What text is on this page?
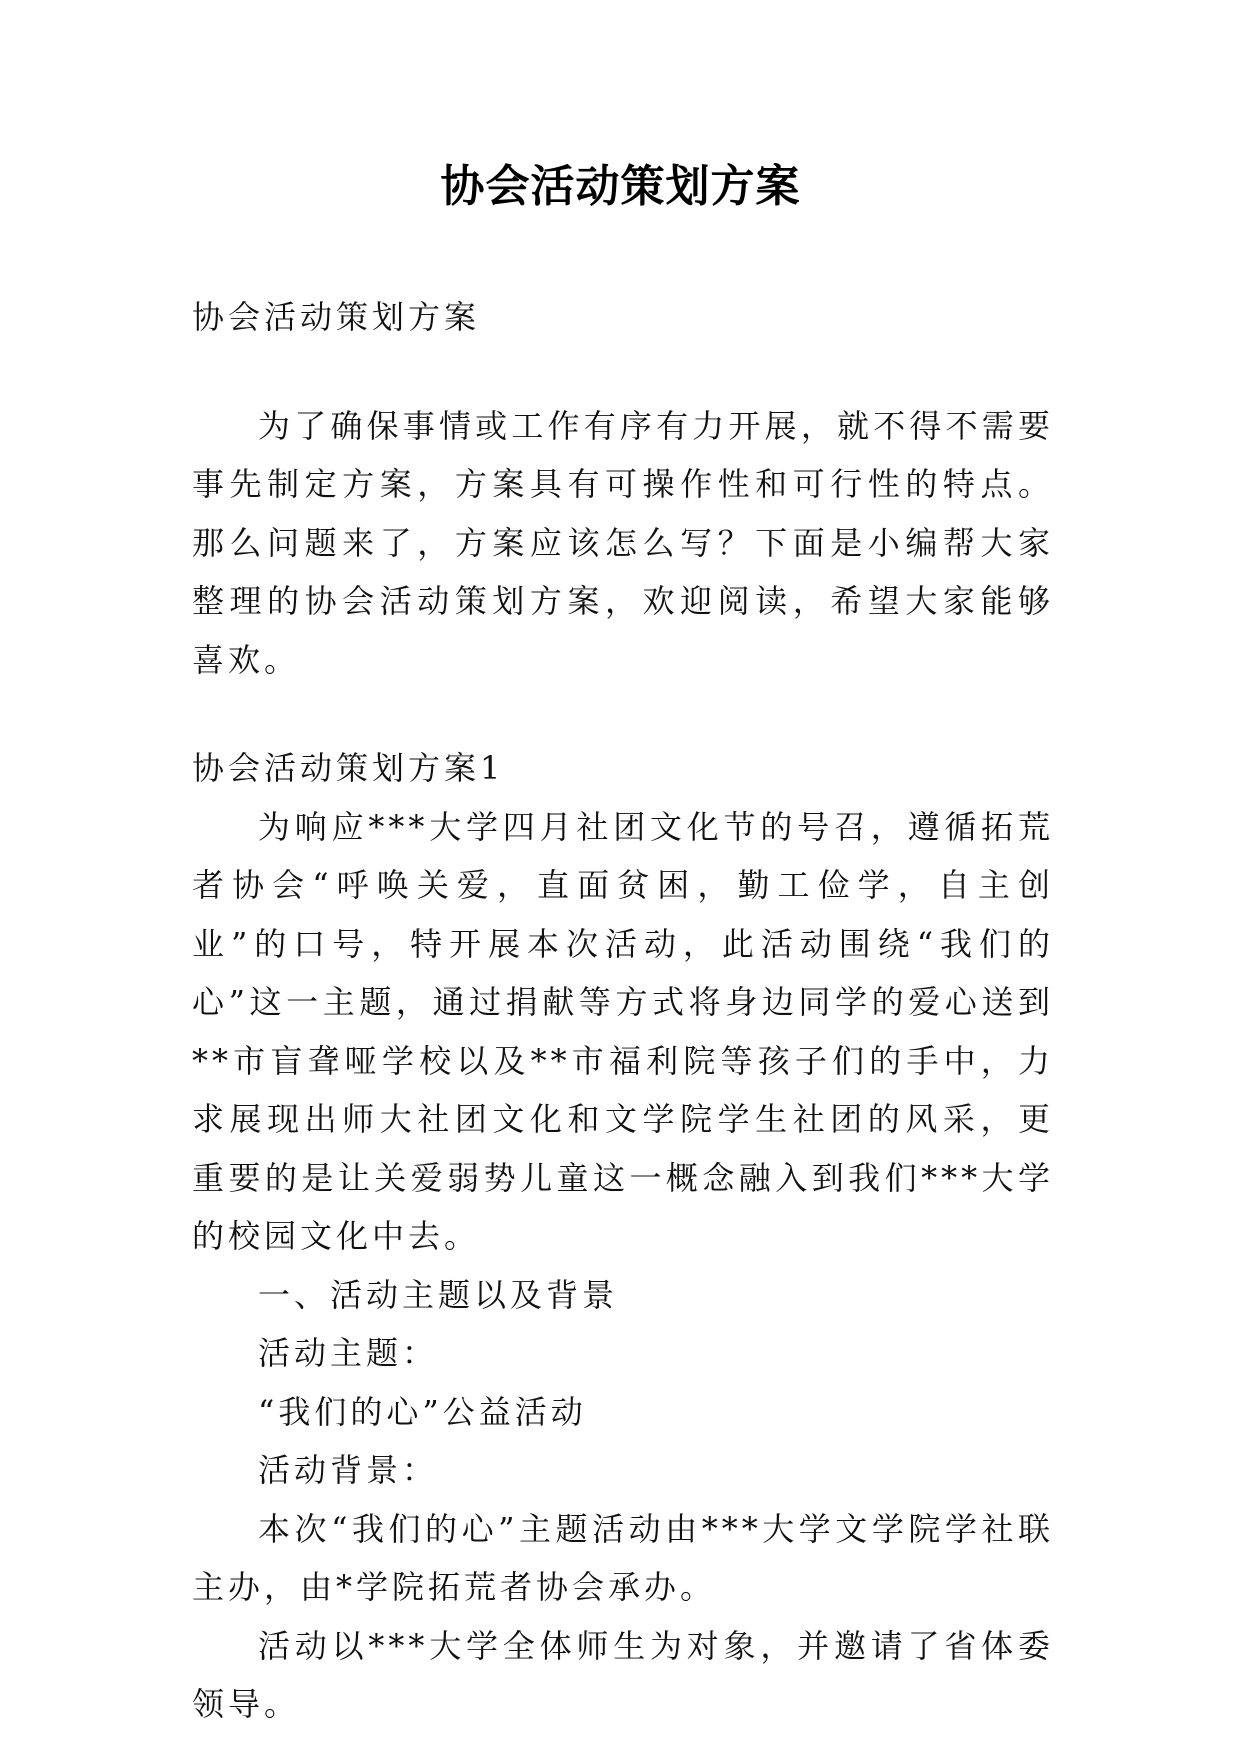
协会活动策划方案

协会活动策划方案

为了确保事情或工作有序有力开展，就不得不需要事先制定方案，方案具有可操作性和可行性的特点。那么问题来了，方案应该怎么写？下面是小编帮大家整理的协会活动策划方案，欢迎阅读，希望大家能够喜欢。

协会活动策划方案1

为响应***大学四月社团文化节的号召，遵循拓荒者协会“呼唤关爱，直面贫困，勤工俭学，自主创业”的口号，特开展本次活动，此活动围绕“我们的心”这一主题，通过捐献等方式将身边同学的爱心送到**市盲聋哑学校以及**市福利院等孩子们的手中，力求展现出师大社团文化和文学院学生社团的风采，更重要的是让关爱弱势儿童这一概念融入到我们***大学的校园文化中去。

一、活动主题以及背景

活动主题：

“我们的心”公益活动

活动背景：

本次“我们的心”主题活动由***大学文学院学社联主办，由*学院拓荒者协会承办。

活动以***大学全体师生为对象，并邀请了省体委领导。
